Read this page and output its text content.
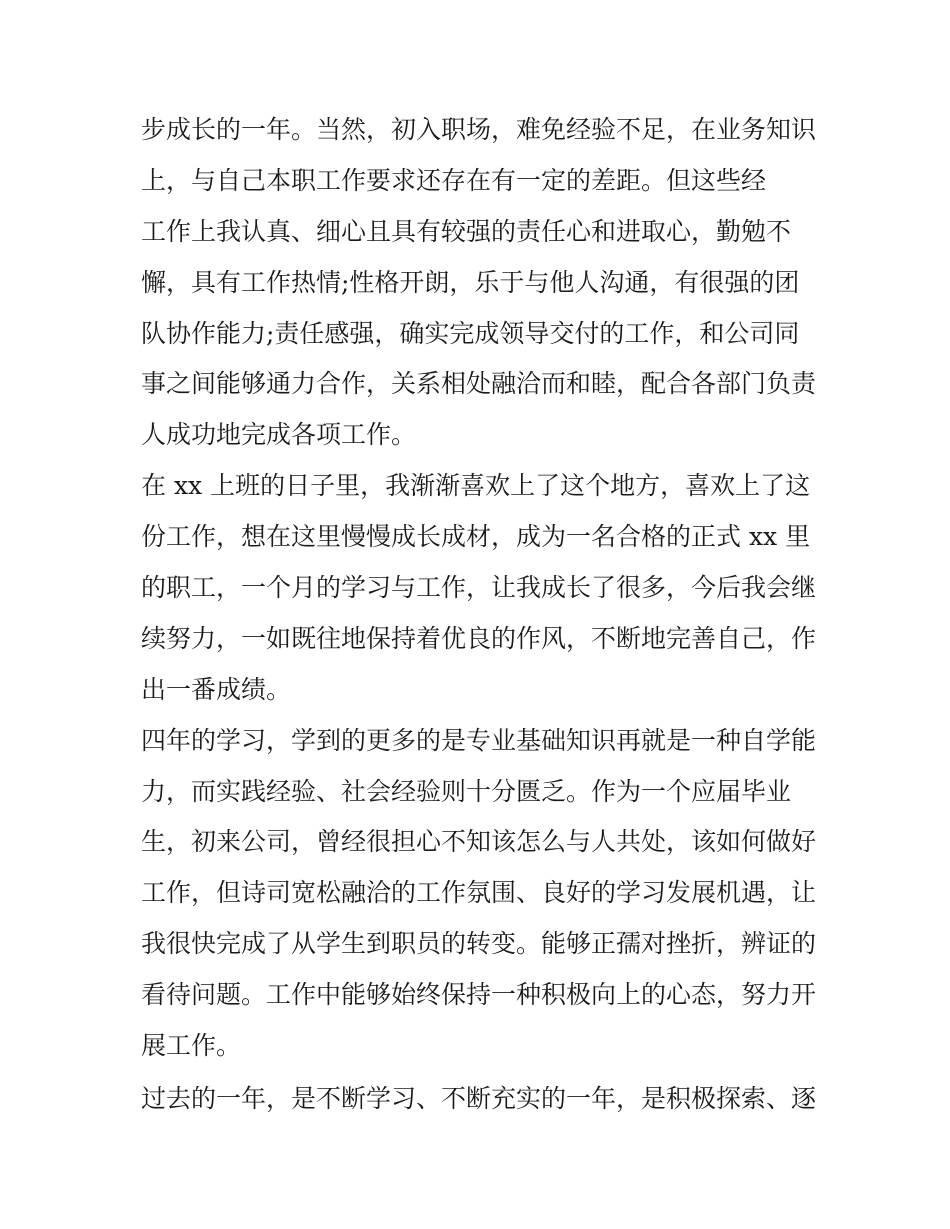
步成长的一年。当然，初入职场，难免经验不足，在业务知识
上，与自己本职工作要求还存在有一定的差距。但这些经
工作上我认真、细心且具有较强的责任心和进取心，勤勉不
懈，具有工作热情;性格开朗，乐于与他人沟通，有很强的团
队协作能力;责任感强，确实完成领导交付的工作，和公司同
事之间能够通力合作，关系相处融洽而和睦，配合各部门负责
人成功地完成各项工作。
在 xx 上班的日子里，我渐渐喜欢上了这个地方，喜欢上了这
份工作，想在这里慢慢成长成材，成为一名合格的正式 xx 里
的职工，一个月的学习与工作，让我成长了很多，今后我会继
续努力，一如既往地保持着优良的作风，不断地完善自己，作
出一番成绩。
四年的学习，学到的更多的是专业基础知识再就是一种自学能
力，而实践经验、社会经验则十分匮乏。作为一个应届毕业
生，初来公司，曾经很担心不知该怎么与人共处，该如何做好
工作，但诗司宽松融洽的工作氛围、良好的学习发展机遇，让
我很快完成了从学生到职员的转变。能够正孺对挫折，辨证的
看待问题。工作中能够始终保持一种积极向上的心态，努力开
展工作。
过去的一年，是不断学习、不断充实的一年，是积极探索、逐
